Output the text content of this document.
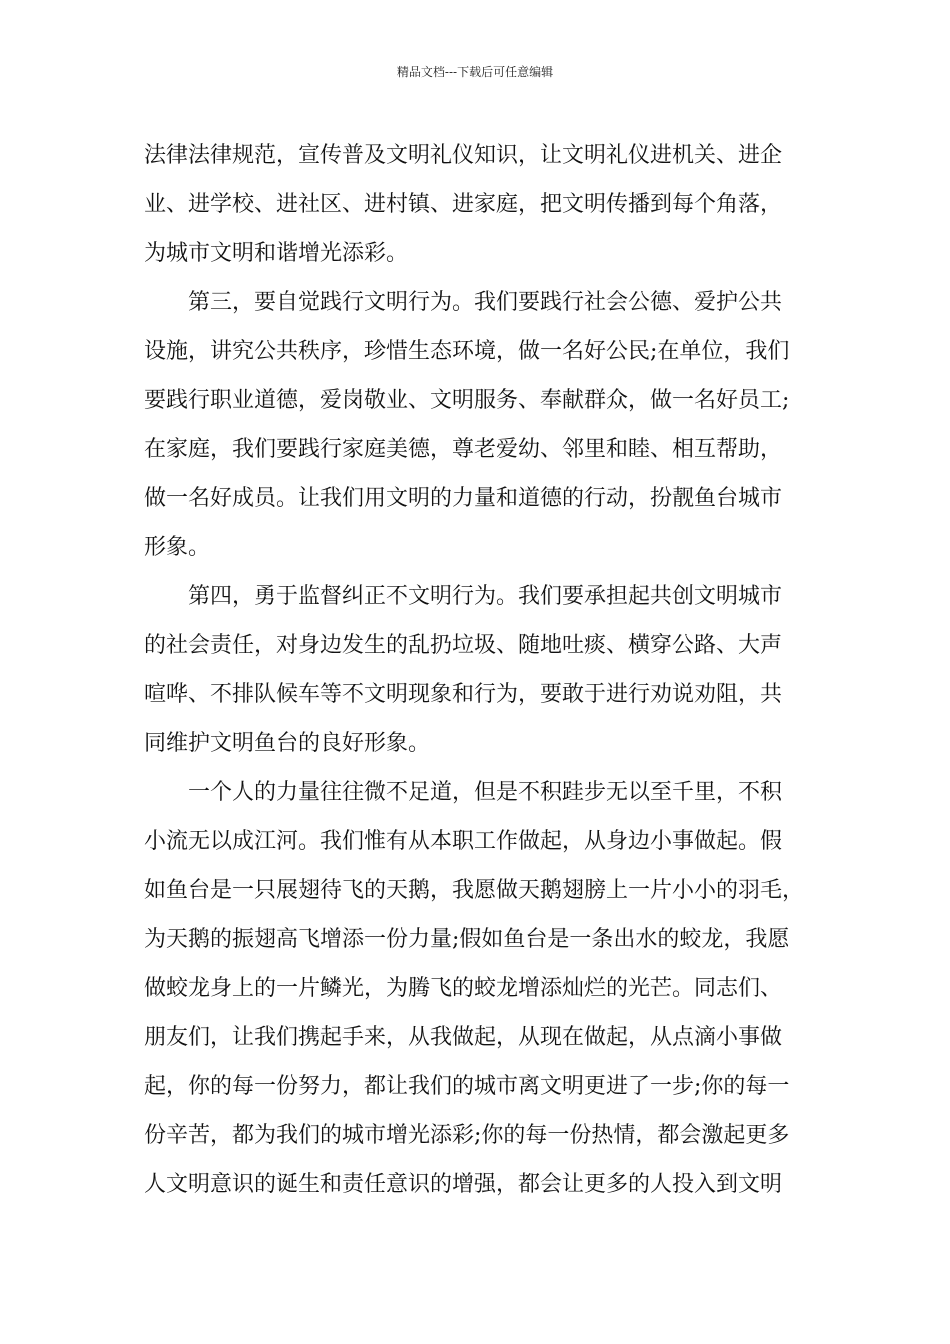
精品文档---下载后可任意编辑
法律法律规范，宣传普及文明礼仪知识，让文明礼仪进机关、进企
业、进学校、进社区、进村镇、进家庭，把文明传播到每个角落，
为城市文明和谐增光添彩。
第三，要自觉践行文明行为。我们要践行社会公德、爱护公共
设施，讲究公共秩序，珍惜生态环境，做一名好公民;在单位，我们
要践行职业道德，爱岗敬业、文明服务、奉献群众，做一名好员工;
在家庭，我们要践行家庭美德，尊老爱幼、邻里和睦、相互帮助，
做一名好成员。让我们用文明的力量和道德的行动，扮靓鱼台城市
形象。
第四，勇于监督纠正不文明行为。我们要承担起共创文明城市
的社会责任，对身边发生的乱扔垃圾、随地吐痰、横穿公路、大声
喧哗、不排队候车等不文明现象和行为，要敢于进行劝说劝阻，共
同维护文明鱼台的良好形象。
一个人的力量往往微不足道，但是不积跬步无以至千里，不积
小流无以成江河。我们惟有从本职工作做起，从身边小事做起。假
如鱼台是一只展翅待飞的天鹅，我愿做天鹅翅膀上一片小小的羽毛，
为天鹅的振翅高飞增添一份力量;假如鱼台是一条出水的蛟龙，我愿
做蛟龙身上的一片鳞光，为腾飞的蛟龙增添灿烂的光芒。同志们、
朋友们，让我们携起手来，从我做起，从现在做起，从点滴小事做
起，你的每一份努力，都让我们的城市离文明更进了一步;你的每一
份辛苦，都为我们的城市增光添彩;你的每一份热情，都会激起更多
人文明意识的诞生和责任意识的增强，都会让更多的人投入到文明
